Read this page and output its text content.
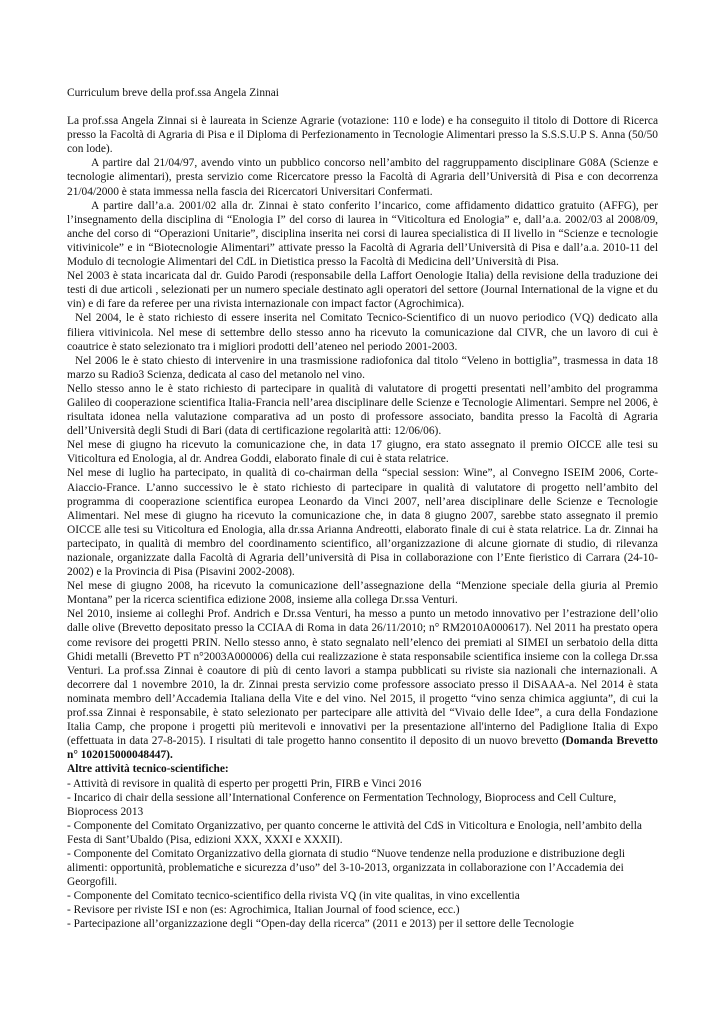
Curriculum breve della prof.ssa Angela Zinnai

La prof.ssa Angela Zinnai si è laureata in Scienze Agrarie (votazione: 110 e lode) e ha conseguito il titolo di Dottore di Ricerca presso la Facoltà di Agraria di Pisa e il Diploma di Perfezionamento in Tecnologie Alimentari presso la S.S.S.U.P S. Anna (50/50 con lode).

A partire dal 21/04/97, avendo vinto un pubblico concorso nell’ambito del raggruppamento disciplinare G08A (Scienze e tecnologie alimentari), presta servizio come Ricercatore presso la Facoltà di Agraria dell’Università di Pisa e con decorrenza 21/04/2000 è stata immessa nella fascia dei Ricercatori Universitari Confermati.

A partire dall’a.a. 2001/02 alla dr. Zinnai è stato conferito l’incarico, come affidamento didattico gratuito (AFFG), per l’insegnamento della disciplina di “Enologia I” del corso di laurea in “Viticoltura ed Enologia” e, dall’a.a. 2002/03 al 2008/09, anche del corso di “Operazioni Unitarie”, disciplina inserita nei corsi di laurea specialistica di II livello in “Scienze e tecnologie vitivinicole” e in “Biotecnologie Alimentari” attivate presso la Facoltà di Agraria dell’Università di Pisa e dall’a.a. 2010-11 del Modulo di tecnologie Alimentari del CdL in Dietistica presso la Facoltà di Medicina dell’Università di Pisa.

Nel 2003 è stata incaricata dal dr. Guido Parodi (responsabile della Laffort Oenologie Italia) della revisione della traduzione dei testi di due articoli , selezionati per un numero speciale destinato agli operatori del settore (Journal International de la vigne et du vin) e di fare da referee per una rivista internazionale con impact factor (Agrochimica).

Nel 2004, le è stato richiesto di essere inserita nel Comitato Tecnico-Scientifico di un nuovo periodico (VQ) dedicato alla filiera vitivinicola. Nel mese di settembre dello stesso anno ha ricevuto la comunicazione dal CIVR, che un lavoro di cui è coautrice è stato selezionato tra i migliori prodotti dell’ateneo nel periodo 2001-2003.

Nel 2006 le è stato chiesto di intervenire in una trasmissione radiofonica dal titolo “Veleno in bottiglia”, trasmessa in data 18 marzo su Radio3 Scienza, dedicata al caso del metanolo nel vino.

Nello stesso anno le è stato richiesto di partecipare in qualità di valutatore di progetti presentati nell’ambito del programma Galileo di cooperazione scientifica Italia-Francia nell’area disciplinare delle Scienze e Tecnologie Alimentari. Sempre nel 2006, è risultata idonea nella valutazione comparativa ad un posto di professore associato, bandita presso la Facoltà di Agraria dell’Università degli Studi di Bari (data di certificazione regolarità atti: 12/06/06).

Nel mese di giugno ha ricevuto la comunicazione che, in data 17 giugno, era stato assegnato il premio OICCE alle tesi su Viticoltura ed Enologia, al dr. Andrea Goddi, elaborato finale di cui è stata relatrice.

Nel mese di luglio ha partecipato, in qualità di co-chairman della “special session: Wine”, al Convegno ISEIM 2006, Corte-Aiaccio-France. L’anno successivo le è stato richiesto di partecipare in qualità di valutatore di progetto nell’ambito del programma di cooperazione scientifica europea Leonardo da Vinci 2007, nell’area disciplinare delle Scienze e Tecnologie Alimentari. Nel mese di giugno ha ricevuto la comunicazione che, in data 8 giugno 2007, sarebbe stato assegnato il premio OICCE alle tesi su Viticoltura ed Enologia, alla dr.ssa Arianna Andreotti, elaborato finale di cui è stata relatrice. La dr. Zinnai ha partecipato, in qualità di membro del coordinamento scientifico, all’organizzazione di alcune giornate di studio, di rilevanza nazionale, organizzate dalla Facoltà di Agraria dell’università di Pisa in collaborazione con l’Ente fieristico di Carrara (24-10-2002) e la Provincia di Pisa (Pisavini 2002-2008).

Nel mese di giugno 2008, ha ricevuto la comunicazione dell’assegnazione della “Menzione speciale della giuria al Premio Montana” per la ricerca scientifica edizione 2008, insieme alla collega Dr.ssa Venturi.

Nel 2010, insieme ai colleghi Prof. Andrich e Dr.ssa Venturi, ha messo a punto un metodo innovativo per l’estrazione dell’olio dalle olive (Brevetto depositato presso la CCIAA di Roma in data 26/11/2010; n° RM2010A000617). Nel 2011 ha prestato opera come revisore dei progetti PRIN. Nello stesso anno, è stato segnalato nell’elenco dei premiati al SIMEI un serbatoio della ditta Ghidi metalli (Brevetto PT n°2003A000006) della cui realizzazione è stata responsabile scientifica insieme con la collega Dr.ssa Venturi. La prof.ssa Zinnai è coautore di più di cento lavori a stampa pubblicati su riviste sia nazionali che internazionali. A decorrere dal 1 novembre 2010, la dr. Zinnai presta servizio come professore associato presso il DiSAAA-a. Nel 2014 è stata nominata membro dell’Accademia Italiana della Vite e del vino. Nel 2015, il progetto “vino senza chimica aggiunta”, di cui la prof.ssa Zinnai è responsabile, è stato selezionato per partecipare alle attività del “Vivaio delle Idee”, a cura della Fondazione Italia Camp, che propone i progetti più meritevoli e innovativi per la presentazione all'interno del Padiglione Italia di Expo (effettuata in data 27-8-2015). I risultati di tale progetto hanno consentito il deposito di un nuovo brevetto (Domanda Brevetto n° 102015000048447).

Altre attività tecnico-scientifiche:

- Attività di revisore in qualità di esperto per progetti Prin, FIRB e Vinci 2016

- Incarico di chair della sessione all’International Conference on Fermentation Technology, Bioprocess and Cell Culture, Bioprocess 2013

- Componente del Comitato Organizzativo, per quanto concerne le attività del CdS in Viticoltura e Enologia, nell’ambito della Festa di Sant’Ubaldo (Pisa, edizioni XXX, XXXI e XXXII).

- Componente del Comitato Organizzativo della giornata di studio “Nuove tendenze nella produzione e distribuzione degli alimenti: opportunità, problematiche e sicurezza d’uso” del 3-10-2013, organizzata in collaborazione con l’Accademia dei Georgofili.

- Componente del Comitato tecnico-scientifico della rivista VQ (in vite qualitas, in vino excellentia

- Revisore per riviste ISI e non (es: Agrochimica, Italian Journal of food science, ecc.)

- Partecipazione all’organizzazione degli “Open-day della ricerca” (2011 e 2013) per il settore delle Tecnologie
